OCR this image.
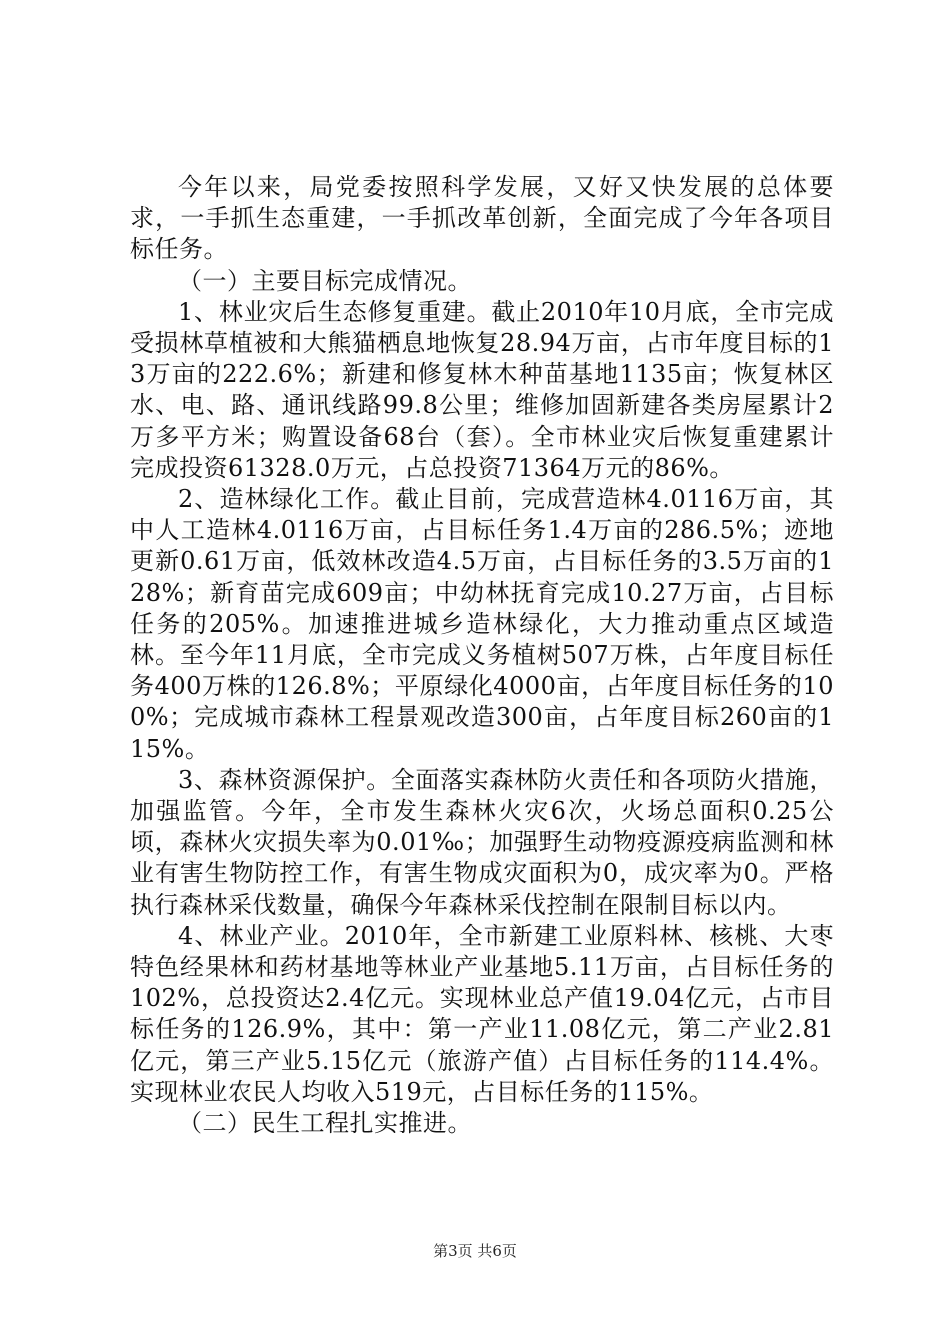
今年以来，局党委按照科学发展，又好又快发展的总体要求，一手抓生态重建，一手抓改革创新，全面完成了今年各项目标任务。

（一）主要目标完成情况。

1、林业灾后生态修复重建。截止2010年10月底，全市完成受损林草植被和大熊猫栖息地恢复28.94万亩，占市年度目标的13万亩的222.6%；新建和修复林木种苗基地1135亩；恢复林区水、电、路、通讯线路99.8公里；维修加固新建各类房屋累计2万多平方米；购置设备68台（套）。全市林业灾后恢复重建累计完成投资61328.0万元，占总投资71364万元的86%。

2、造林绿化工作。截止目前，完成营造林4.0116万亩，其中人工造林4.0116万亩，占目标任务1.4万亩的286.5%；迹地更新0.61万亩，低效林改造4.5万亩，占目标任务的3.5万亩的128%；新育苗完成609亩；中幼林抚育完成10.27万亩，占目标任务的205%。加速推进城乡造林绿化，大力推动重点区域造林。至今年11月底，全市完成义务植树507万株，占年度目标任务400万株的126.8%；平原绿化4000亩，占年度目标任务的100%；完成城市森林工程景观改造300亩，占年度目标260亩的115%。

3、森林资源保护。全面落实森林防火责任和各项防火措施，加强监管。今年，全市发生森林火灾6次，火场总面积0.25公顷，森林火灾损失率为0.01‰；加强野生动物疫源疫病监测和林业有害生物防控工作，有害生物成灾面积为0，成灾率为0。严格执行森林采伐数量，确保今年森林采伐控制在限制目标以内。

4、林业产业。2010年，全市新建工业原料林、核桃、大枣特色经果林和药材基地等林业产业基地5.11万亩，占目标任务的102%，总投资达2.4亿元。实现林业总产值19.04亿元，占市目标任务的126.9%，其中：第一产业11.08亿元，第二产业2.81亿元，第三产业5.15亿元（旅游产值）占目标任务的114.4%。实现林业农民人均收入519元，占目标任务的115%。

（二）民生工程扎实推进。

第3页 共6页
